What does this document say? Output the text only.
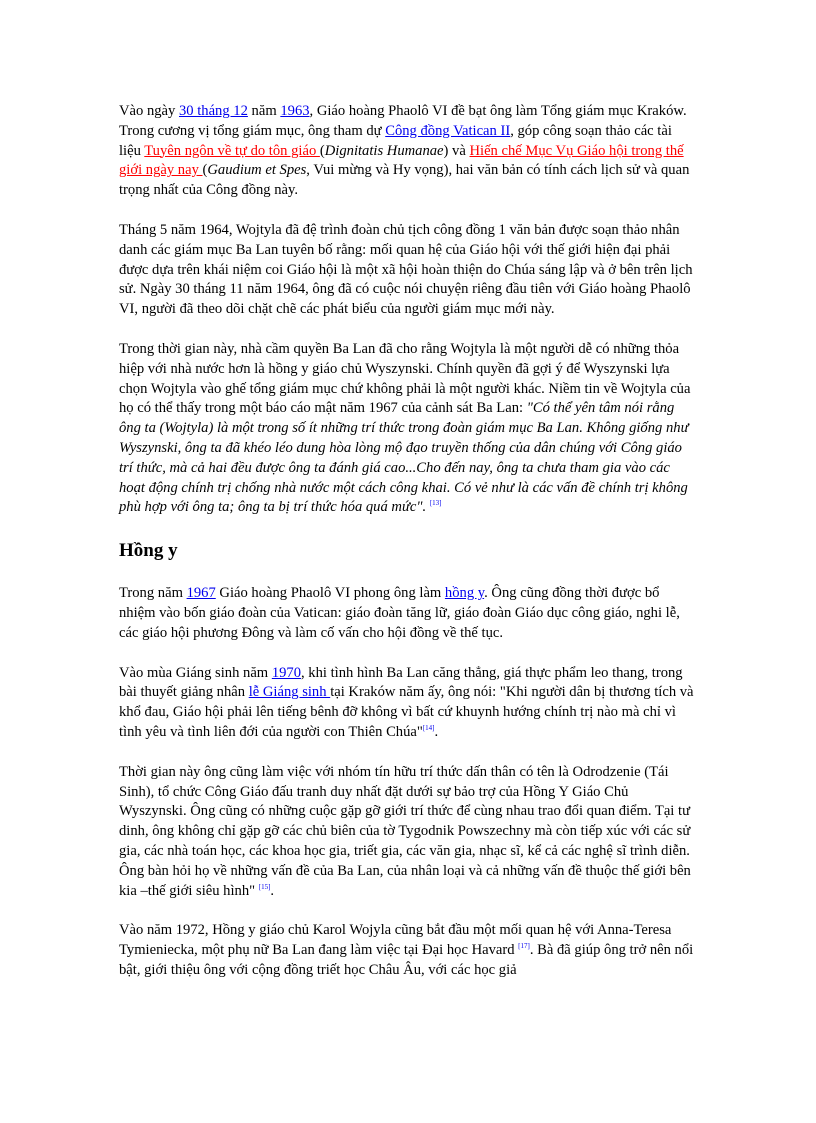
Vào ngày 30 tháng 12 năm 1963, Giáo hoàng Phaolô VI đề bạt ông làm Tổng giám mục Kraków. Trong cương vị tổng giám mục, ông tham dự Công đồng Vatican II, góp công soạn thảo các tài liệu Tuyên ngôn về tự do tôn giáo (Dignitatis Humanae) và Hiến chế Mục Vụ Giáo hội trong thế giới ngày nay (Gaudium et Spes, Vui mừng và Hy vọng), hai văn bản có tính cách lịch sử và quan trọng nhất của Công đồng này.

Tháng 5 năm 1964, Wojtyla đã đệ trình đoàn chủ tịch công đồng 1 văn bản được soạn thảo nhân danh các giám mục Ba Lan tuyên bố rằng: mối quan hệ của Giáo hội với thế giới hiện đại phải được dựa trên khái niệm coi Giáo hội là một xã hội hoàn thiện do Chúa sáng lập và ở bên trên lịch sử. Ngày 30 tháng 11 năm 1964, ông đã có cuộc nói chuyện riêng đầu tiên với Giáo hoàng Phaolô VI, người đã theo dõi chặt chẽ các phát biểu của người giám mục mới này.

Trong thời gian này, nhà cầm quyền Ba Lan đã cho rằng Wojtyla là một người dễ có những thỏa hiệp với nhà nước hơn là hồng y giáo chủ Wyszynski. Chính quyền đã gợi ý để Wyszynski lựa chọn Wojtyla vào ghế tổng giám mục chứ không phải là một người khác. Niềm tin về Wojtyla của họ có thể thấy trong một báo cáo mật năm 1967 của cảnh sát Ba Lan: "Có thể yên tâm nói rằng ông ta (Wojtyla) là một trong số ít những trí thức trong đoàn giám mục Ba Lan. Không giống như Wyszynski, ông ta đã khéo léo dung hòa lòng mộ đạo truyền thống của dân chúng với Công giáo trí thức, mà cả hai đều được ông ta đánh giá cao...Cho đến nay, ông ta chưa tham gia vào các hoạt động chính trị chống nhà nước một cách công khai. Có vẻ như là các vấn đề chính trị không phù hợp với ông ta; ông ta bị trí thức hóa quá mức". [13]

Hồng y

Trong năm 1967 Giáo hoàng Phaolô VI phong ông làm hồng y. Ông cũng đồng thời được bổ nhiệm vào bốn giáo đoàn của Vatican: giáo đoàn tăng lữ, giáo đoàn Giáo dục công giáo, nghi lễ, các giáo hội phương Đông và làm cố vấn cho hội đồng về thế tục.

Vào mùa Giáng sinh năm 1970, khi tình hình Ba Lan căng thẳng, giá thực phẩm leo thang, trong bài thuyết giảng nhân lễ Giáng sinh tại Kraków năm ấy, ông nói: "Khi người dân bị thương tích và khổ đau, Giáo hội phải lên tiếng bênh đỡ không vì bất cứ khuynh hướng chính trị nào mà chỉ vì tình yêu và tình liên đới của người con Thiên Chúa"[14].

Thời gian này ông cũng làm việc với nhóm tín hữu trí thức dấn thân có tên là Odrodzenie (Tái Sinh), tổ chức Công Giáo đấu tranh duy nhất đặt dưới sự bảo trợ của Hồng Y Giáo Chủ Wyszynski. Ông cũng có những cuộc gặp gỡ giới trí thức để cùng nhau trao đổi quan điểm. Tại tư dinh, ông không chỉ gặp gỡ các chủ biên của tờ Tygodnik Powszechny mà còn tiếp xúc với các sử gia, các nhà toán học, các khoa học gia, triết gia, các văn gia, nhạc sĩ, kể cả các nghệ sĩ trình diễn. Ông bàn hỏi họ về những vấn đề của Ba Lan, của nhân loại và cả những vấn đề thuộc thế giới bên kia –thế giới siêu hình" [15].

Vào năm 1972, Hồng y giáo chủ Karol Wojyla cũng bắt đầu một mối quan hệ với Anna-Teresa Tymieniecka, một phụ nữ Ba Lan đang làm việc tại Đại học Havard [17]. Bà đã giúp ông trở nên nổi bật, giới thiệu ông với cộng đồng triết học Châu Âu, với các học giả
